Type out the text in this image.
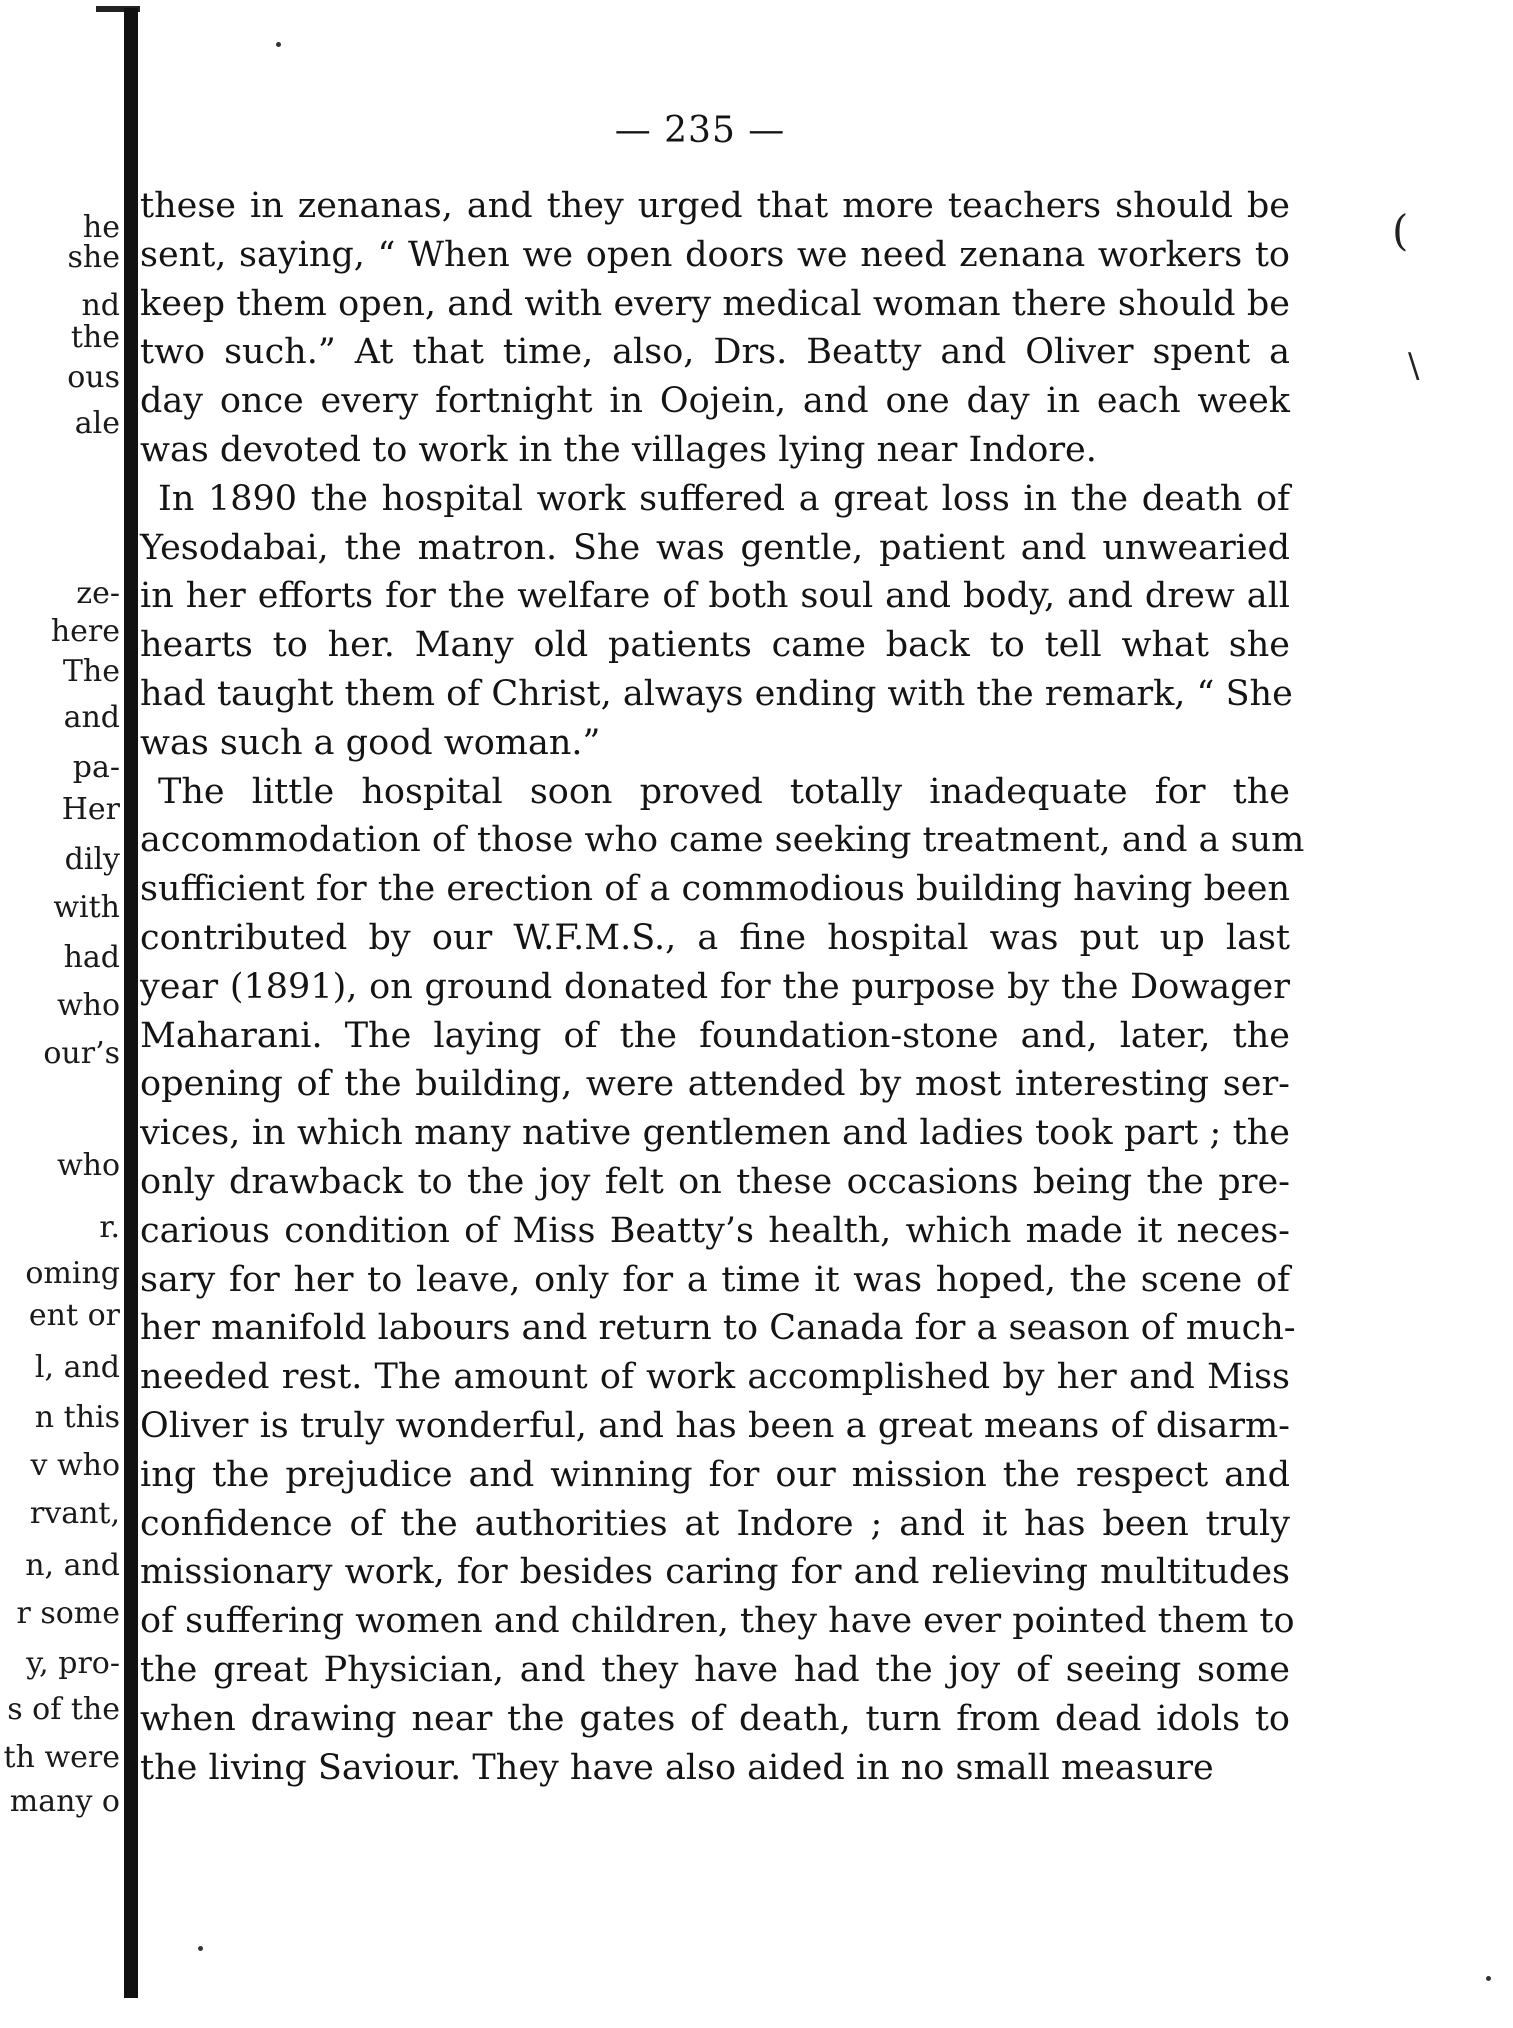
— 235 —
these in zenanas, and they urged that more teachers should be
sent, saying, “ When we open doors we need zenana workers to
keep them open, and with every medical woman there should be
two such.” At that time, also, Drs. Beatty and Oliver spent a
day once every fortnight in Oojein, and one day in each week
was devoted to work in the villages lying near Indore.
In 1890 the hospital work suffered a great loss in the death of
Yesodabai, the matron. She was gentle, patient and unwearied
in her efforts for the welfare of both soul and body, and drew all
hearts to her. Many old patients came back to tell what she
had taught them of Christ, always ending with the remark, “ She
was such a good woman.”
The little hospital soon proved totally inadequate for the
accommodation of those who came seeking treatment, and a sum
sufficient for the erection of a commodious building having been
contributed by our W.F.M.S., a fine hospital was put up last
year (1891), on ground donated for the purpose by the Dowager
Maharani. The laying of the foundation-stone and, later, the
opening of the building, were attended by most interesting ser-
vices, in which many native gentlemen and ladies took part ; the
only drawback to the joy felt on these occasions being the pre-
carious condition of Miss Beatty’s health, which made it neces-
sary for her to leave, only for a time it was hoped, the scene of
her manifold labours and return to Canada for a season of much-
needed rest. The amount of work accomplished by her and Miss
Oliver is truly wonderful, and has been a great means of disarm-
ing the prejudice and winning for our mission the respect and
confidence of the authorities at Indore ; and it has been truly
missionary work, for besides caring for and relieving multitudes
of suffering women and children, they have ever pointed them to
the great Physician, and they have had the joy of seeing some
when drawing near the gates of death, turn from dead idols to
the living Saviour. They have also aided in no small measure
he
she
nd
the
ous
ale
ze-
here
The
and
pa-
Her
dily
with
had
who
our’s
who
r.
oming
ent or
l, and
n this
v who
rvant,
n, and
r some
y, pro-
s of the
th were
many o
(
\
